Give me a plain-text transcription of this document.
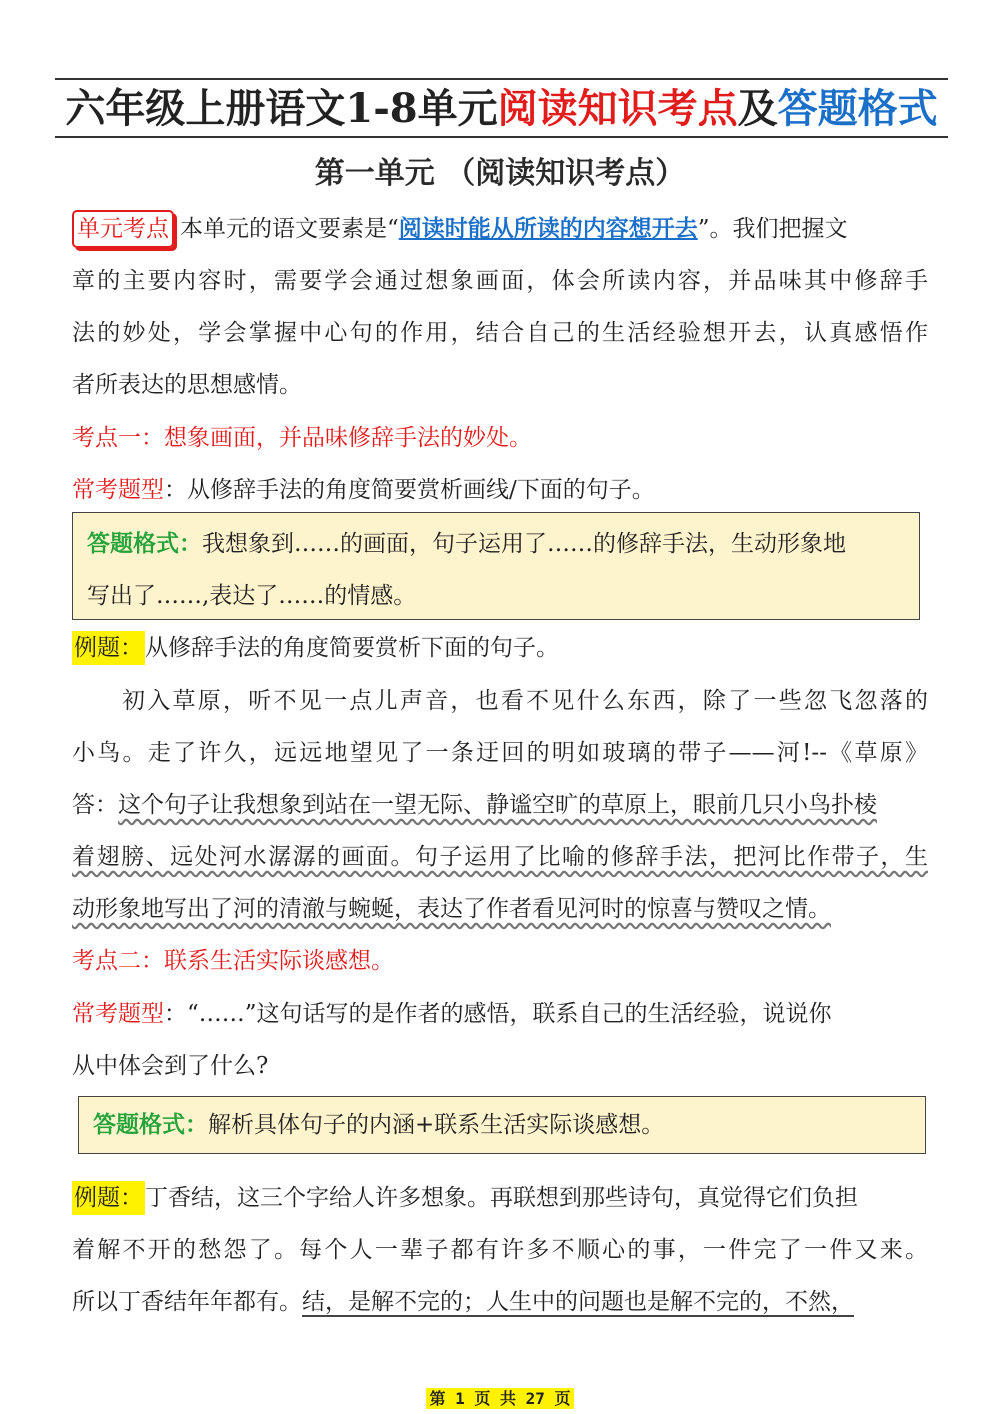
六年级上册语文1-8单元阅读知识考点及答题格式
第一单元 （阅读知识考点）
单元考点 本单元的语文要素是“阅读时能从所读的内容想开去”。我们把握文
章的主要内容时，需要学会通过想象画面，体会所读内容，并品味其中修辞手
法的妙处，学会掌握中心句的作用，结合自己的生活经验想开去，认真感悟作
者所表达的思想感情。
考点一：想象画面，并品味修辞手法的妙处。
常考题型：从修辞手法的角度简要赏析画线/下面的句子。
答题格式：我想象到……的画面，句子运用了……的修辞手法，生动形象地
写出了……,表达了……的情感。
例题：从修辞手法的角度简要赏析下面的句子。
初入草原，听不见一点儿声音，也看不见什么东西，除了一些忽飞忽落的
小鸟。走了许久，远远地望见了一条迂回的明如玻璃的带子——河!--《草原》
答：这个句子让我想象到站在一望无际、静谧空旷的草原上，眼前几只小鸟扑棱
着翅膀、远处河水潺潺的画面。句子运用了比喻的修辞手法，把河比作带子，生
动形象地写出了河的清澈与蜿蜒，表达了作者看见河时的惊喜与赞叹之情。
考点二：联系生活实际谈感想。
常考题型：“……”这句话写的是作者的感悟，联系自己的生活经验，说说你
从中体会到了什么?
答题格式：解析具体句子的内涵+联系生活实际谈感想。
例题：丁香结，这三个字给人许多想象。再联想到那些诗句，真觉得它们负担
着解不开的愁怨了。每个人一辈子都有许多不顺心的事，一件完了一件又来。
所以丁香结年年都有。结，是解不完的；人生中的问题也是解不完的，不然，
第 1 页 共 27 页
